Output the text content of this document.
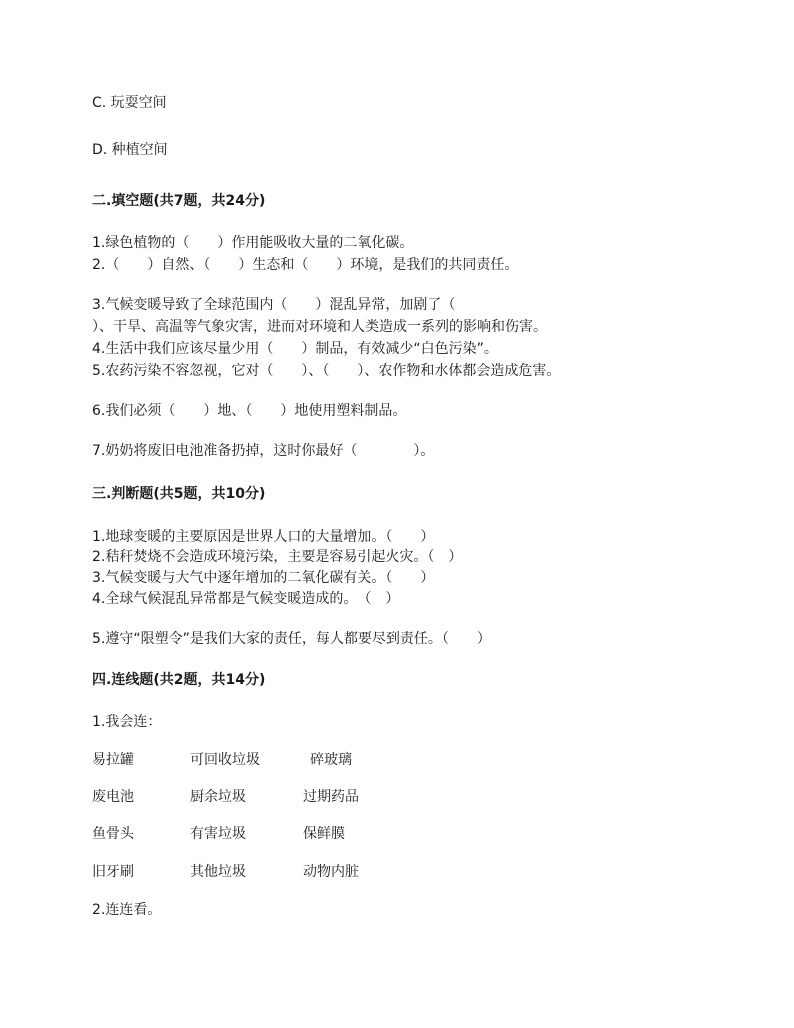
C. 玩耍空间
D. 种植空间
二.填空题(共7题，共24分)
1.绿色植物的（　　）作用能吸收大量的二氧化碳。
2.（　　）自然、（　　）生态和（　　）环境，是我们的共同责任。
3.气候变暖导致了全球范围内（　　）混乱异常，加剧了（
）、干旱、高温等气象灾害，进而对环境和人类造成一系列的影响和伤害。
4.生活中我们应该尽量少用（　　）制品，有效减少“白色污染”。
5.农药污染不容忽视，它对（　　）、（　　）、农作物和水体都会造成危害。
6.我们必须（　　）地、（　　）地使用塑料制品。
7.奶奶将废旧电池准备扔掉，这时你最好（　　　　）。
三.判断题(共5题，共10分)
1.地球变暖的主要原因是世界人口的大量增加。（　　）
2.秸秆焚烧不会造成环境污染，主要是容易引起火灾。（　）
3.气候变暖与大气中逐年增加的二氧化碳有关。（　　）
4.全球气候混乱异常都是气候变暖造成的。　（　）
5.遵守“限塑令”是我们大家的责任，每人都要尽到责任。（　　）
四.连线题(共2题，共14分)
1.我会连：
易拉罐	可回收垃圾	碎玻璃
废电池	厨余垃圾	过期药品
鱼骨头	有害垃圾	保鲜膜
旧牙刷	其他垃圾	动物内脏
2.连连看。
